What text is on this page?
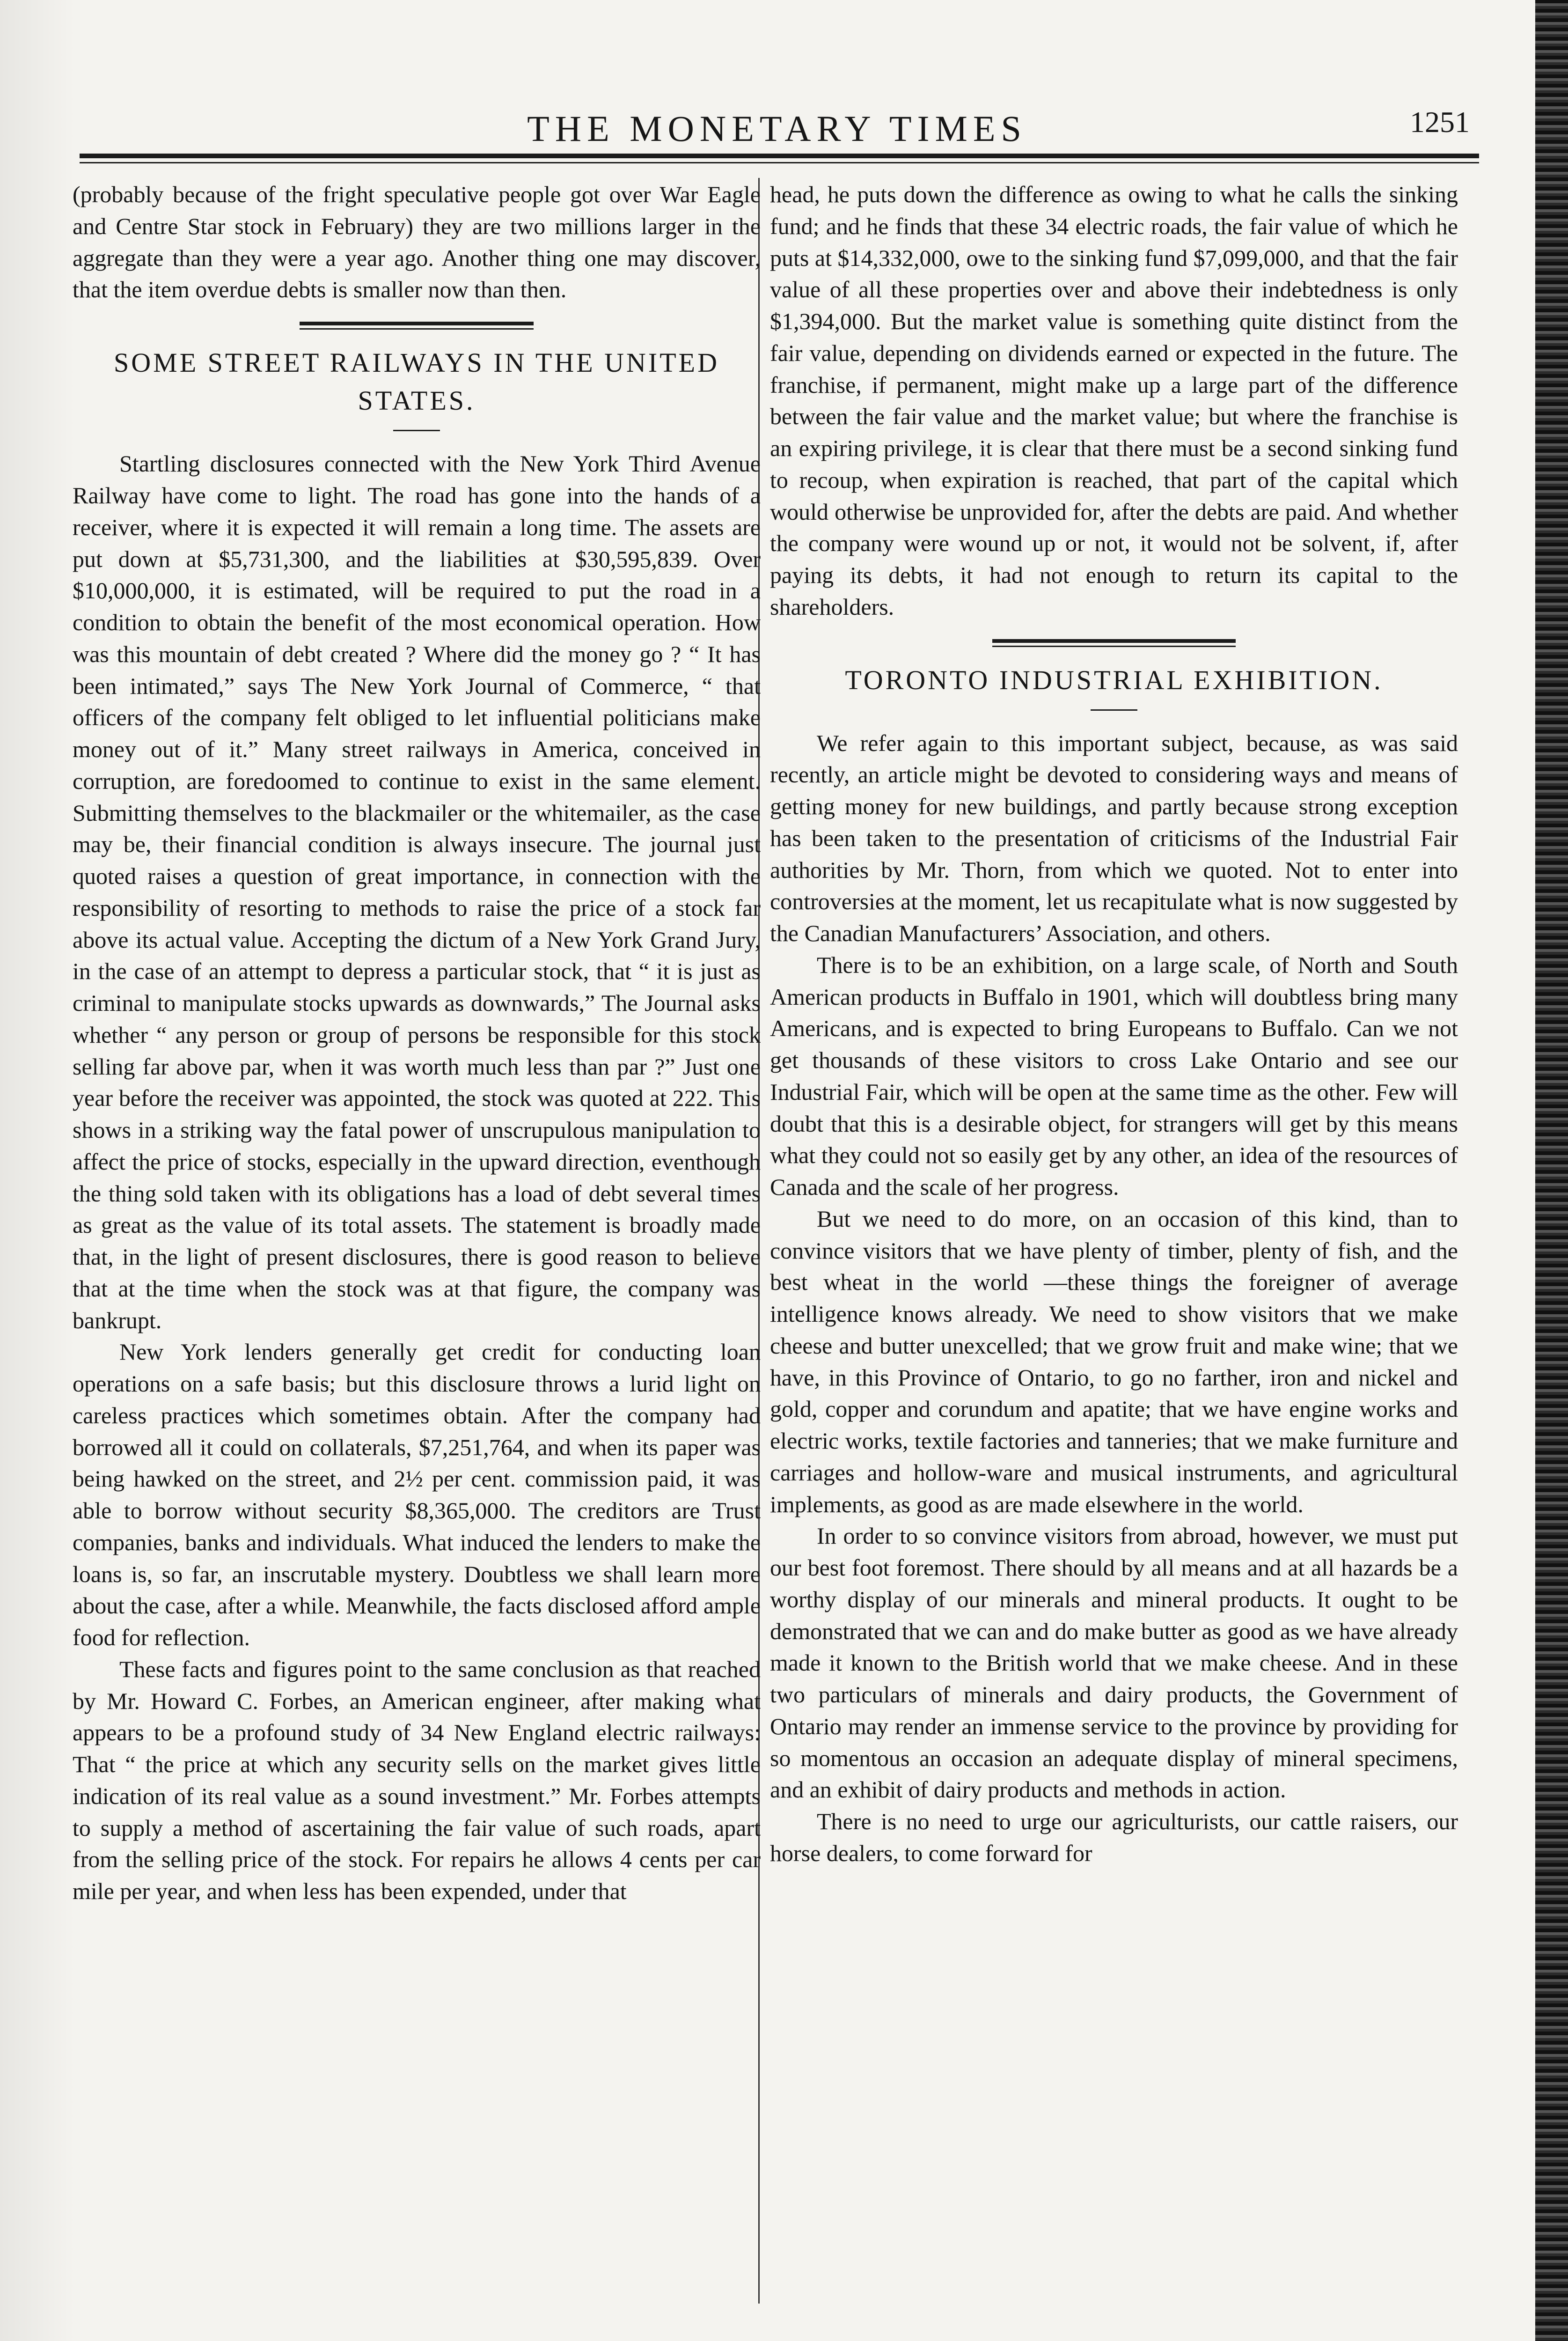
THE MONETARY TIMES	1251

(probably because of the fright speculative people got over War Eagle and Centre Star stock in February) they are two millions larger in the aggregate than they were a year ago. Another thing one may discover, that the item overdue debts is smaller now than then.

SOME STREET RAILWAYS IN THE UNITED STATES.

Startling disclosures connected with the New York Third Avenue Railway have come to light. The road has gone into the hands of a receiver, where it is expected it will remain a long time. The assets are put down at $5,731,300, and the liabilities at $30,595,839. Over $10,000,000, it is estimated, will be required to put the road in a condition to obtain the benefit of the most economical operation. How was this mountain of debt created ? Where did the money go ? “ It has been intimated,” says The New York Journal of Commerce, “ that officers of the company felt obliged to let influential politicians make money out of it.” Many street railways in America, conceived in corruption, are foredoomed to continue to exist in the same element. Submitting themselves to the blackmailer or the whitemailer, as the case may be, their financial condition is always insecure. The journal just quoted raises a question of great importance, in connection with the responsibility of resorting to methods to raise the price of a stock far above its actual value. Accepting the dictum of a New York Grand Jury, in the case of an attempt to depress a particular stock, that “ it is just as criminal to manipulate stocks upwards as downwards,” The Journal asks whether “ any person or group of persons be responsible for this stock selling far above par, when it was worth much less than par ?” Just one year before the receiver was appointed, the stock was quoted at 222. This shows in a striking way the fatal power of unscrupulous manipulation to affect the price of stocks, especially in the upward direction, eventhough the thing sold taken with its obligations has a load of debt several times as great as the value of its total assets. The statement is broadly made that, in the light of present disclosures, there is good reason to believe that at the time when the stock was at that figure, the company was bankrupt.

New York lenders generally get credit for conducting loan operations on a safe basis; but this disclosure throws a lurid light on careless practices which sometimes obtain. After the company had borrowed all it could on collaterals, $7,251,764, and when its paper was being hawked on the street, and 2½ per cent. commission paid, it was able to borrow without security $8,365,000. The creditors are Trust companies, banks and individuals. What induced the lenders to make the loans is, so far, an inscrutable mystery. Doubtless we shall learn more about the case, after a while. Meanwhile, the facts disclosed afford ample food for reflection.

These facts and figures point to the same conclusion as that reached by Mr. Howard C. Forbes, an American engineer, after making what appears to be a profound study of 34 New England electric railways: That “ the price at which any security sells on the market gives little indication of its real value as a sound investment.” Mr. Forbes attempts to supply a method of ascertaining the fair value of such roads, apart from the selling price of the stock. For repairs he allows 4 cents per car mile per year, and when less has been expended, under that

head, he puts down the difference as owing to what he calls the sinking fund; and he finds that these 34 electric roads, the fair value of which he puts at $14,332,000, owe to the sinking fund $7,099,000, and that the fair value of all these properties over and above their indebtedness is only $1,394,000. But the market value is something quite distinct from the fair value, depending on dividends earned or expected in the future. The franchise, if permanent, might make up a large part of the difference between the fair value and the market value; but where the franchise is an expiring privilege, it is clear that there must be a second sinking fund to recoup, when expiration is reached, that part of the capital which would otherwise be unprovided for, after the debts are paid. And whether the company were wound up or not, it would not be solvent, if, after paying its debts, it had not enough to return its capital to the shareholders.

TORONTO INDUSTRIAL EXHIBITION.

We refer again to this important subject, because, as was said recently, an article might be devoted to considering ways and means of getting money for new buildings, and partly because strong exception has been taken to the presentation of criticisms of the Industrial Fair authorities by Mr. Thorn, from which we quoted. Not to enter into controversies at the moment, let us recapitulate what is now suggested by the Canadian Manufacturers’ Association, and others.

There is to be an exhibition, on a large scale, of North and South American products in Buffalo in 1901, which will doubtless bring many Americans, and is expected to bring Europeans to Buffalo. Can we not get thousands of these visitors to cross Lake Ontario and see our Industrial Fair, which will be open at the same time as the other. Few will doubt that this is a desirable object, for strangers will get by this means what they could not so easily get by any other, an idea of the resources of Canada and the scale of her progress.

But we need to do more, on an occasion of this kind, than to convince visitors that we have plenty of timber, plenty of fish, and the best wheat in the world —these things the foreigner of average intelligence knows already. We need to show visitors that we make cheese and butter unexcelled; that we grow fruit and make wine; that we have, in this Province of Ontario, to go no farther, iron and nickel and gold, copper and corundum and apatite; that we have engine works and electric works, textile factories and tanneries; that we make furniture and carriages and hollow-ware and musical instruments, and agricultural implements, as good as are made elsewhere in the world.

In order to so convince visitors from abroad, however, we must put our best foot foremost. There should by all means and at all hazards be a worthy display of our minerals and mineral products. It ought to be demonstrated that we can and do make butter as good as we have already made it known to the British world that we make cheese. And in these two particulars of minerals and dairy products, the Government of Ontario may render an immense service to the province by providing for so momentous an occasion an adequate display of mineral specimens, and an exhibit of dairy products and methods in action.

There is no need to urge our agriculturists, our cattle raisers, our horse dealers, to come forward for
